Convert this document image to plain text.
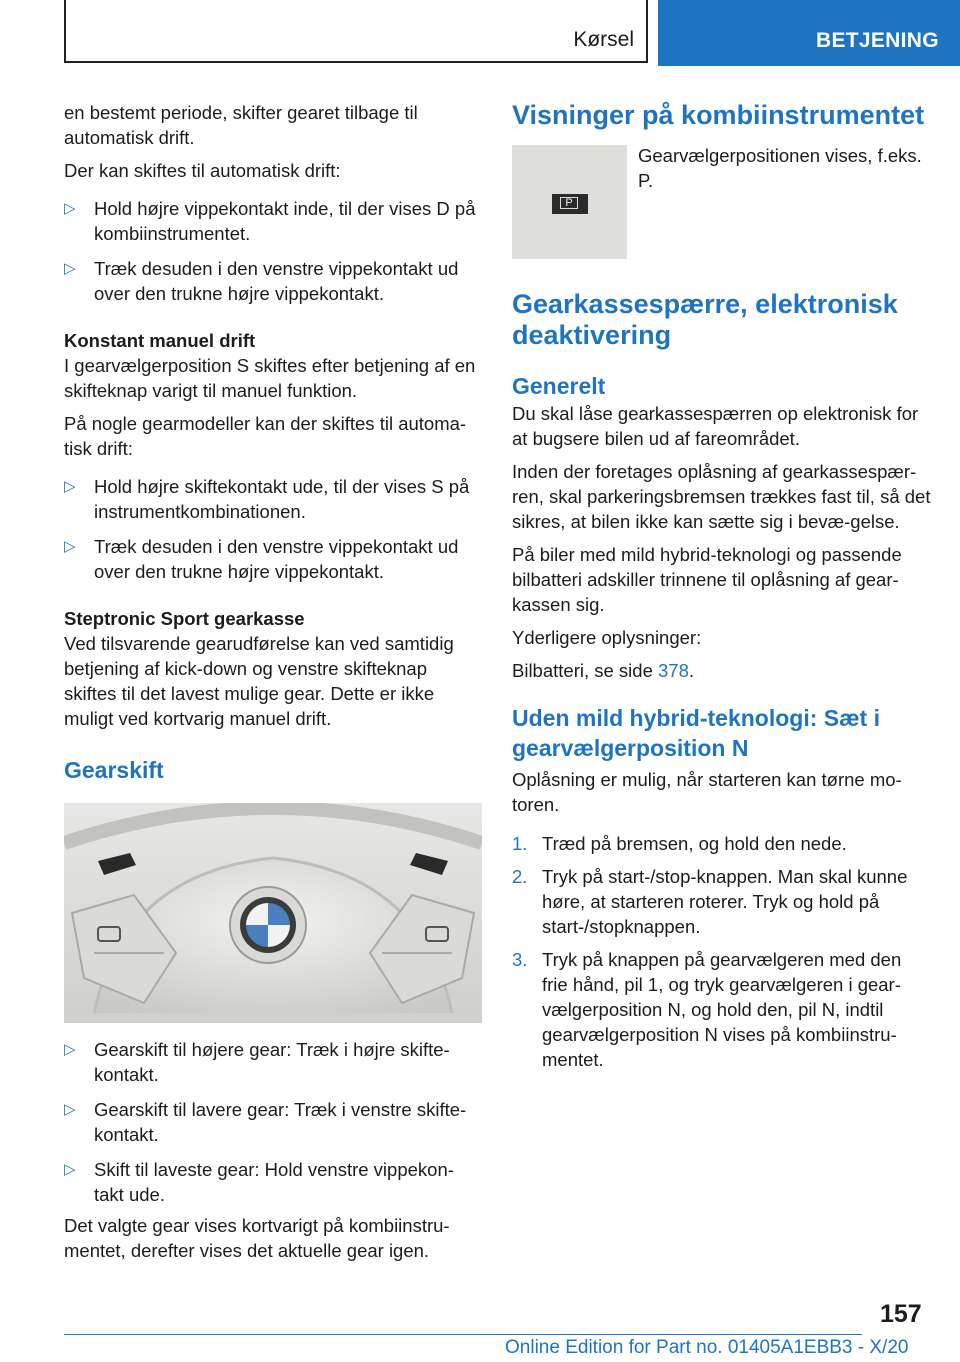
Kørsel	BETJENING

en bestemt periode, skifter gearet tilbage til automatisk drift.

Der kan skiftes til automatisk drift:

▷ Hold højre vippekontakt inde, til der vises D på kombiinstrumentet.
▷ Træk desuden i den venstre vippekontakt ud over den trukne højre vippekontakt.

Konstant manuel drift

I gearvælgerposition S skiftes efter betjening af en skifteknap varigt til manuel funktion.

På nogle gearmodeller kan der skiftes til automa‐tisk drift:

▷ Hold højre skiftekontakt ude, til der vises S på instrumentkombinationen.
▷ Træk desuden i den venstre vippekontakt ud over den trukne højre vippekontakt.

Steptronic Sport gearkasse

Ved tilsvarende gearudførelse kan ved samtidig betjening af kick-down og venstre skifteknap skiftes til det lavest mulige gear. Dette er ikke muligt ved kortvarig manuel drift.

Gearskift

▷ Gearskift til højere gear: Træk i højre skifte‐kontakt.
▷ Gearskift til lavere gear: Træk i venstre skifte‐kontakt.
▷ Skift til laveste gear: Hold venstre vippekon‐takt ude.

Det valgte gear vises kortvarigt på kombiinstru‐mentet, derefter vises det aktuelle gear igen.

Visninger på kombiinstrumentet

P
Gearvælgerpositionen vises, f.eks. P.

Gearkassespærre, elektronisk deaktivering

Generelt

Du skal låse gearkassespærren op elektronisk for at bugsere bilen ud af fareområdet.

Inden der foretages oplåsning af gearkassespær‐ren, skal parkeringsbremsen trækkes fast til, så det sikres, at bilen ikke kan sætte sig i bevæ‐gelse.

På biler med mild hybrid-teknologi og passende bilbatteri adskiller trinnene til oplåsning af gear‐kassen sig.

Yderligere oplysninger:

Bilbatteri, se side 378.

Uden mild hybrid-teknologi: Sæt i gearvælgerposition N

Oplåsning er mulig, når starteren kan tørne mo‐toren.

1. Træd på bremsen, og hold den nede.
2. Tryk på start-/stop-knappen. Man skal kunne høre, at starteren roterer. Tryk og hold på start-/stopknappen.
3. Tryk på knappen på gearvælgeren med den frie hånd, pil 1, og tryk gearvælgeren i gear‐vælgerposition N, og hold den, pil N, indtil gearvælgerposition N vises på kombiinstru‐mentet.
157
Online Edition for Part no. 01405A1EBB3 - X/20
